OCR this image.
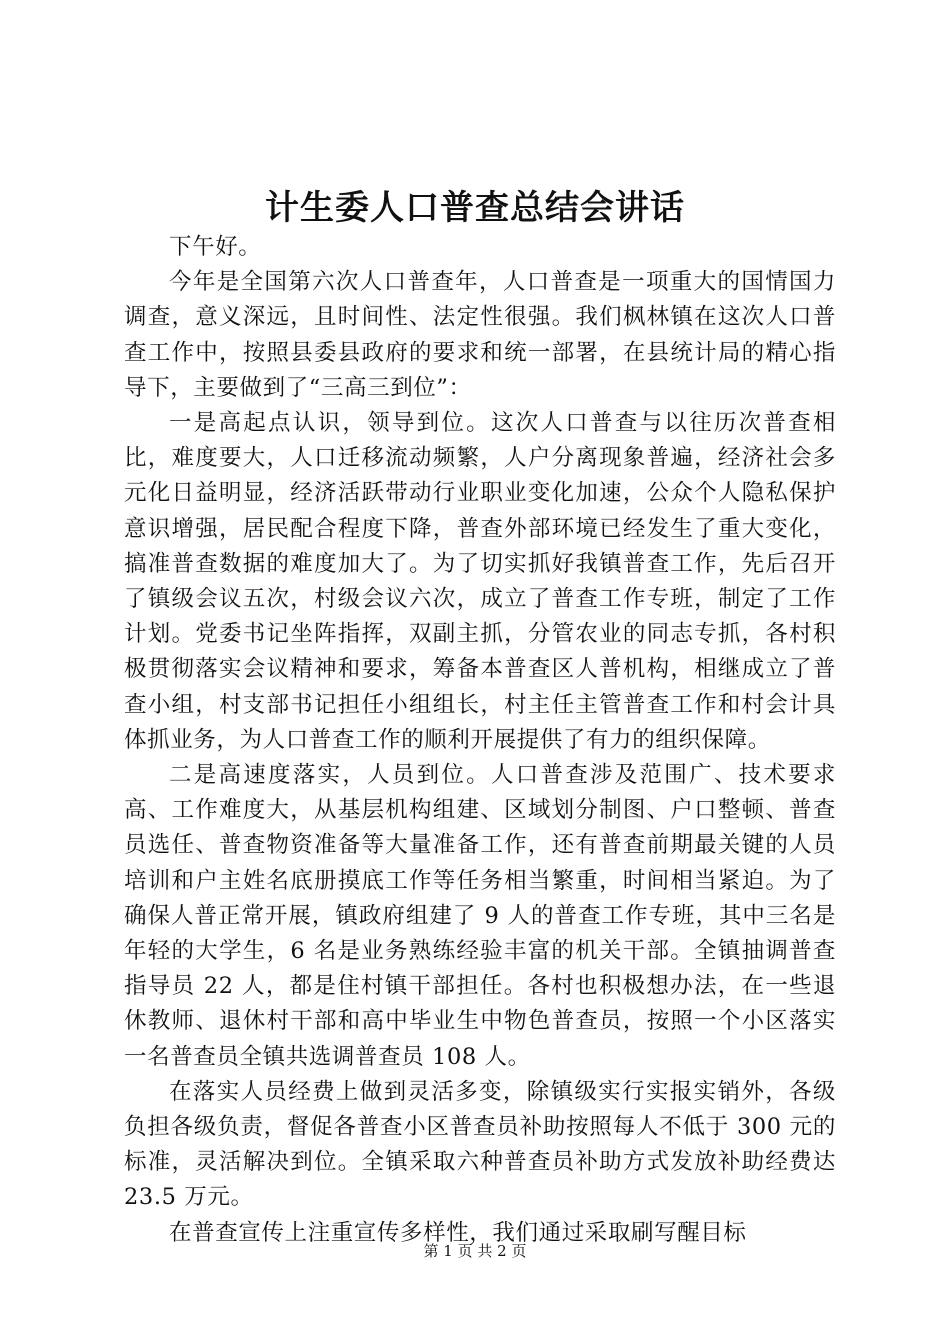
计生委人口普查总结会讲话

下午好。

今年是全国第六次人口普查年，人口普查是一项重大的国情国力调查，意义深远，且时间性、法定性很强。我们枫林镇在这次人口普查工作中，按照县委县政府的要求和统一部署，在县统计局的精心指导下，主要做到了“三高三到位”：

一是高起点认识，领导到位。这次人口普查与以往历次普查相比，难度要大，人口迁移流动频繁，人户分离现象普遍，经济社会多元化日益明显，经济活跃带动行业职业变化加速，公众个人隐私保护意识增强，居民配合程度下降，普查外部环境已经发生了重大变化，搞准普查数据的难度加大了。为了切实抓好我镇普查工作，先后召开了镇级会议五次，村级会议六次，成立了普查工作专班，制定了工作计划。党委书记坐阵指挥，双副主抓，分管农业的同志专抓，各村积极贯彻落实会议精神和要求，筹备本普查区人普机构，相继成立了普查小组，村支部书记担任小组组长，村主任主管普查工作和村会计具体抓业务，为人口普查工作的顺利开展提供了有力的组织保障。

二是高速度落实，人员到位。人口普查涉及范围广、技术要求高、工作难度大，从基层机构组建、区域划分制图、户口整顿、普查员选任、普查物资准备等大量准备工作，还有普查前期最关键的人员培训和户主姓名底册摸底工作等任务相当繁重，时间相当紧迫。为了确保人普正常开展，镇政府组建了 9 人的普查工作专班，其中三名是年轻的大学生，6 名是业务熟练经验丰富的机关干部。全镇抽调普查指导员 22 人，都是住村镇干部担任。各村也积极想办法，在一些退休教师、退休村干部和高中毕业生中物色普查员，按照一个小区落实一名普查员全镇共选调普查员 108 人。

在落实人员经费上做到灵活多变，除镇级实行实报实销外，各级负担各级负责，督促各普查小区普查员补助按照每人不低于 300 元的标准，灵活解决到位。全镇采取六种普查员补助方式发放补助经费达 23.5 万元。

在普查宣传上注重宣传多样性，我们通过采取刷写醒目标

第 1 页 共 2 页
